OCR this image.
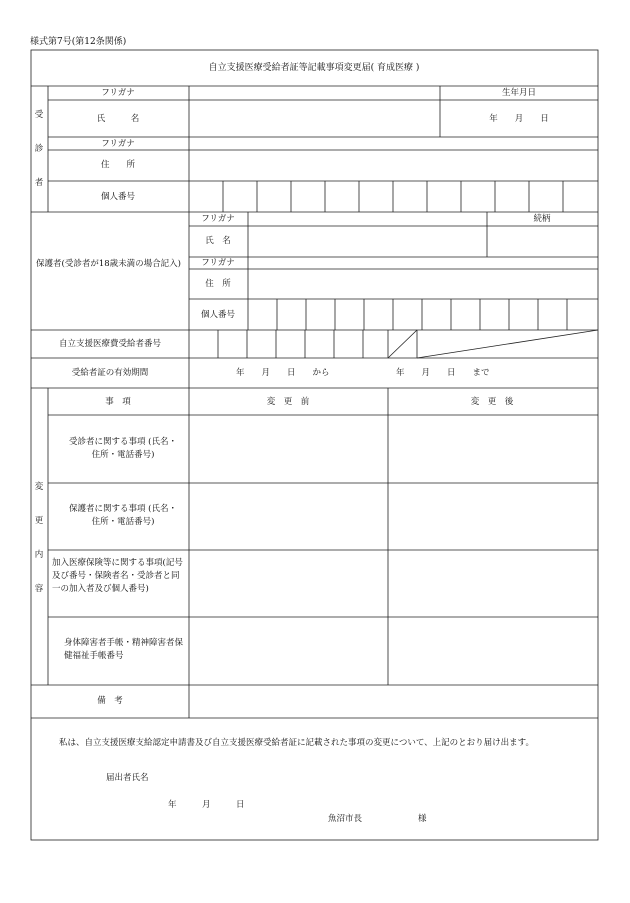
様式第7号(第12条関係)
自立支援医療受給者証等記載事項変更届( 育成医療 )
受
診
者
フリガナ	生年月日
氏　　　名	年　　月　　日
フリガナ
住　　所
個人番号
保護者(受診者が18歳未満の場合記入)
フリガナ	続柄
氏　名
フリガナ
住　所
個人番号
自立支援医療費受給者番号
受給者証の有効期間	年　　月　　日　　から	年　　月　　日　　まで
変
更
内
容
事　項	変　更　前	変　更　後
受診者に関する事項 (氏名・住所・電話番号)
保護者に関する事項 (氏名・住所・電話番号)
加入医療保険等に関する事項(記号及び番号・保険者名・受診者と同一の加入者及び個人番号)
身体障害者手帳・精神障害者保健福祉手帳番号
備　考
私は、自立支援医療支給認定申請書及び自立支援医療受給者証に記載された事項の変更について、上記のとおり届け出ます。
届出者氏名
年　　　月　　　日
魚沼市長	様
